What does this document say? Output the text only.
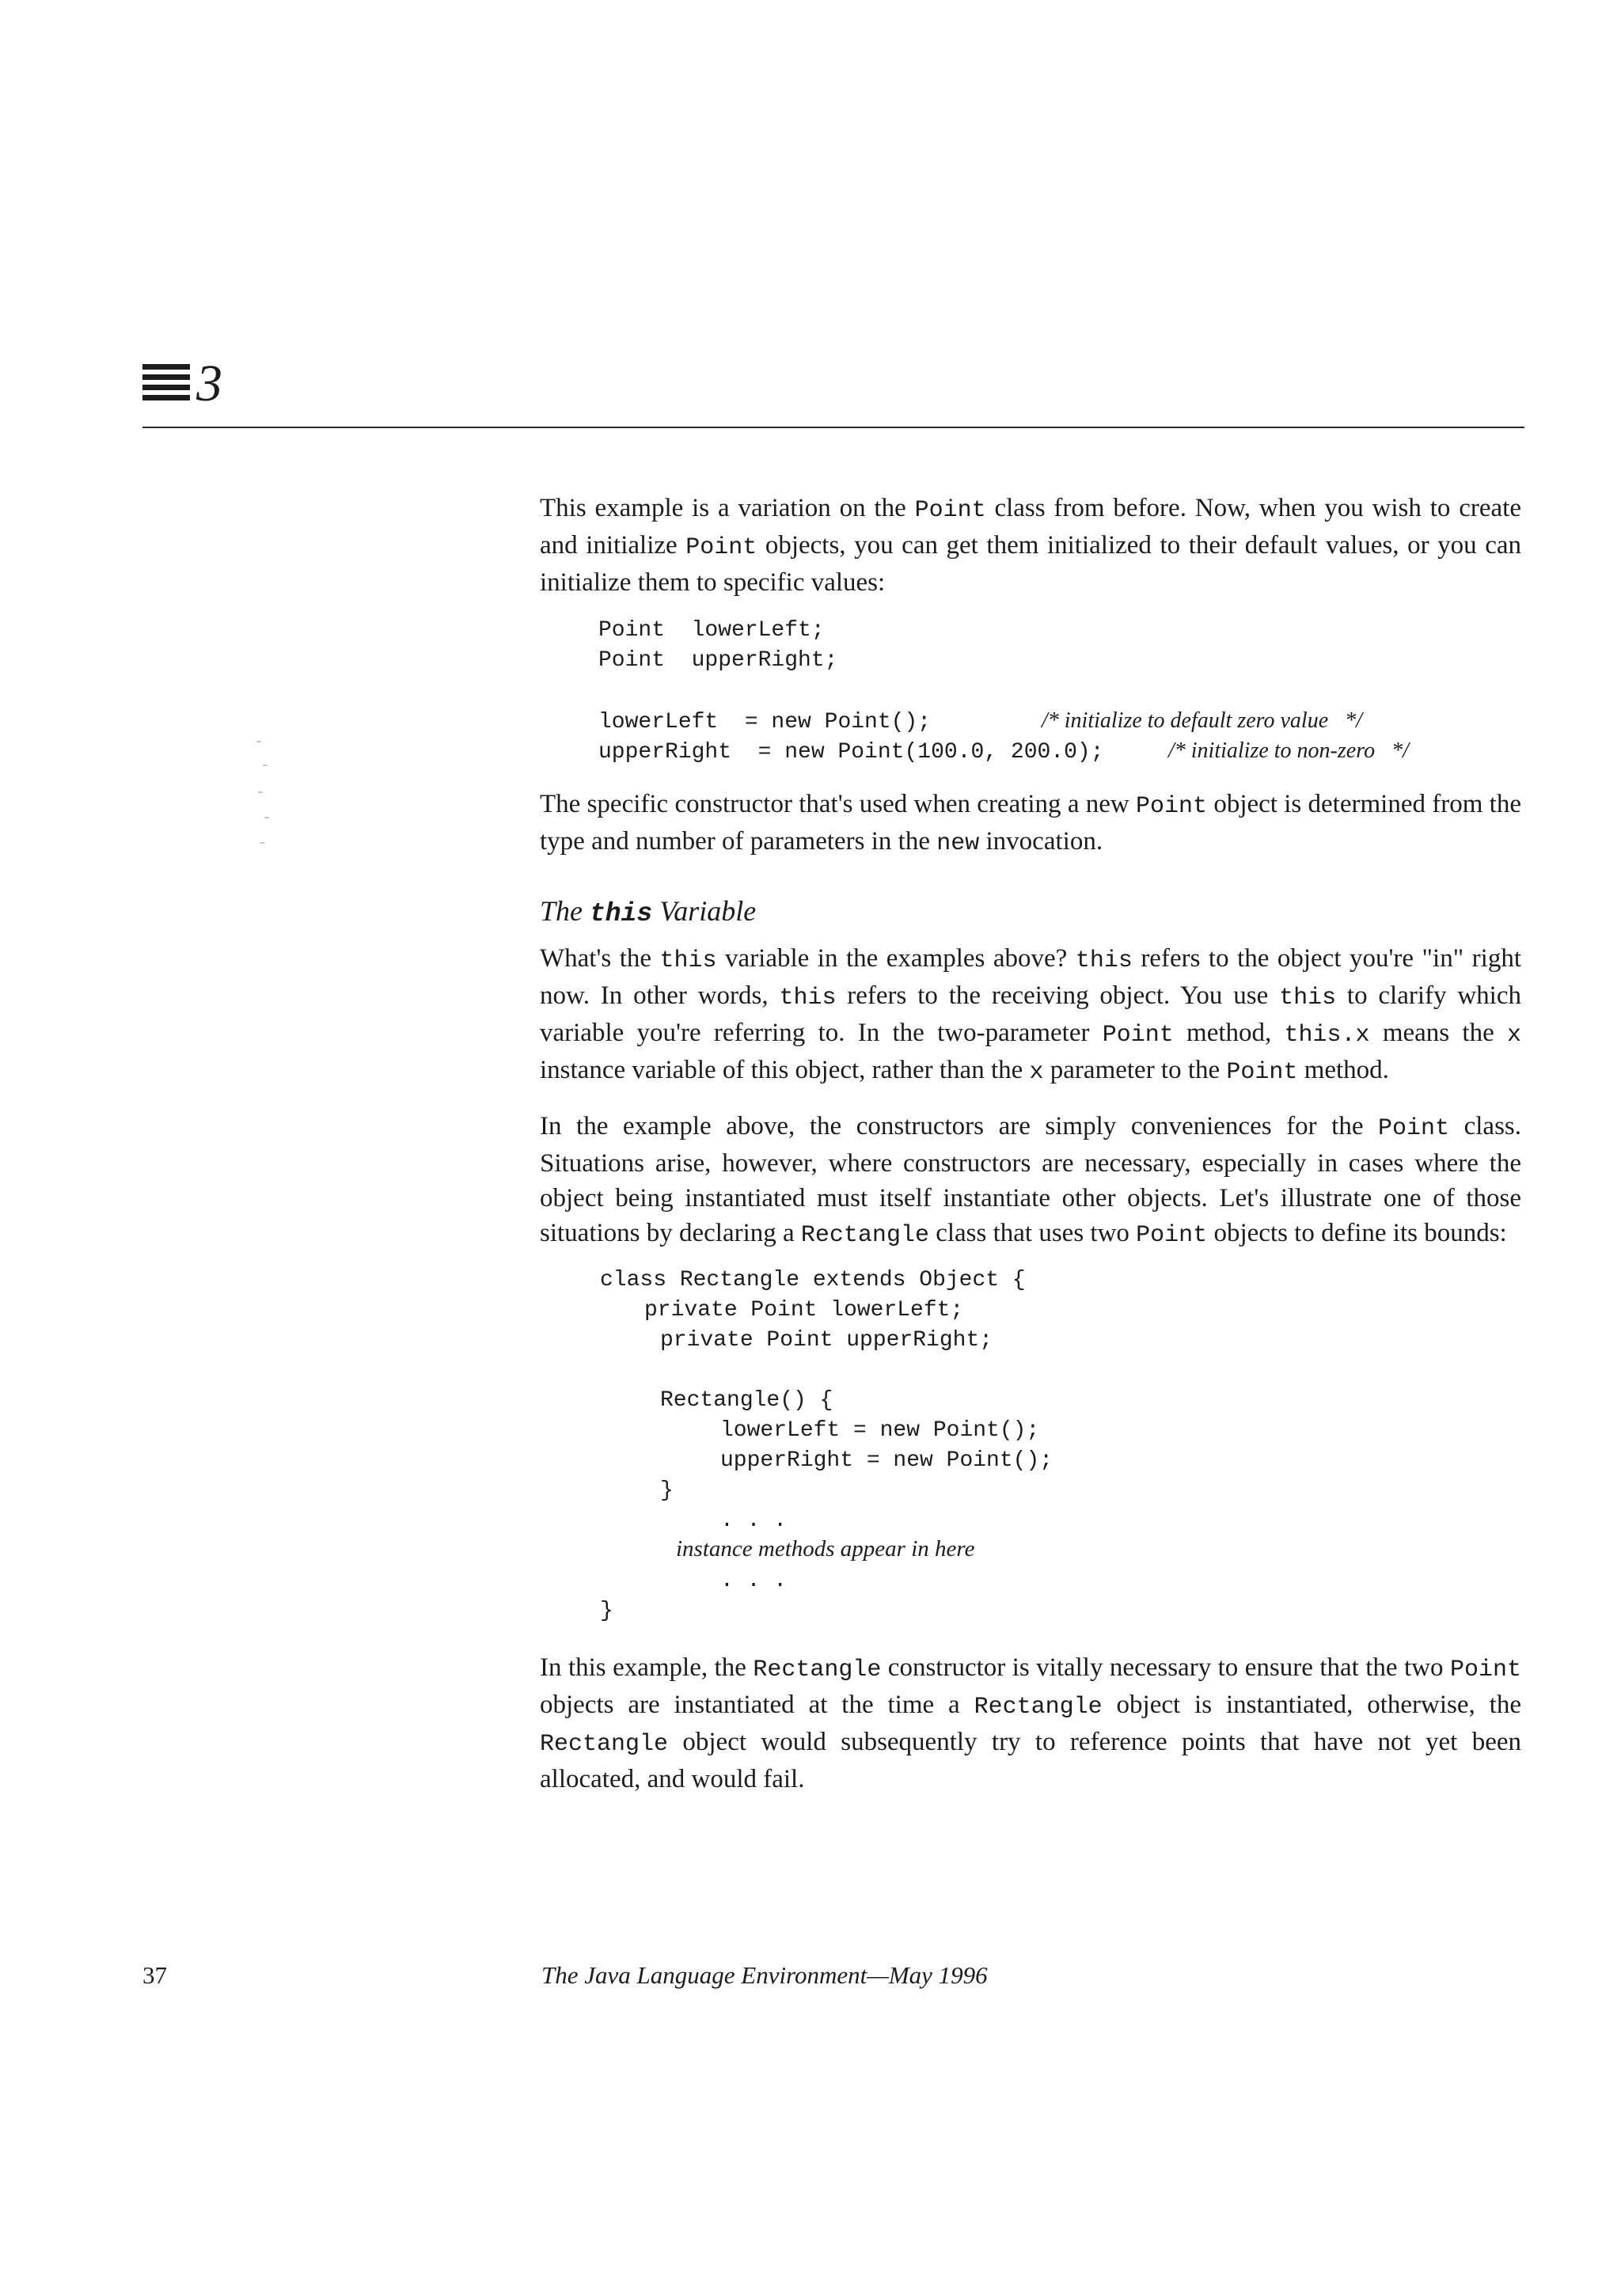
3

This example is a variation on the Point class from before. Now, when you wish to create and initialize Point objects, you can get them initialized to their default values, or you can initialize them to specific values:

Point  lowerLeft;
Point  upperRight;
lowerLeft  = new Point();	/* initialize to default zero value   */
upperRight  = new Point(100.0, 200.0);	/* initialize to non-zero   */

The specific constructor that's used when creating a new Point object is determined from the type and number of parameters in the new invocation.

The this Variable

What's the this variable in the examples above? this refers to the object you're "in" right now. In other words, this refers to the receiving object. You use this to clarify which variable you're referring to. In the two-parameter Point method, this.x means the x instance variable of this object, rather than the x parameter to the Point method.

In the example above, the constructors are simply conveniences for the Point class. Situations arise, however, where constructors are necessary, especially in cases where the object being instantiated must itself instantiate other objects. Let's illustrate one of those situations by declaring a Rectangle class that uses two Point objects to define its bounds:

class Rectangle extends Object {
private Point lowerLeft;
private Point upperRight;
Rectangle() {
lowerLeft = new Point();
upperRight = new Point();
}
. . .
instance methods appear in here
. . .
}

In this example, the Rectangle constructor is vitally necessary to ensure that the two Point objects are instantiated at the time a Rectangle object is instantiated, otherwise, the Rectangle object would subsequently try to reference points that have not yet been allocated, and would fail.

37	The Java Language Environment—May 1996
